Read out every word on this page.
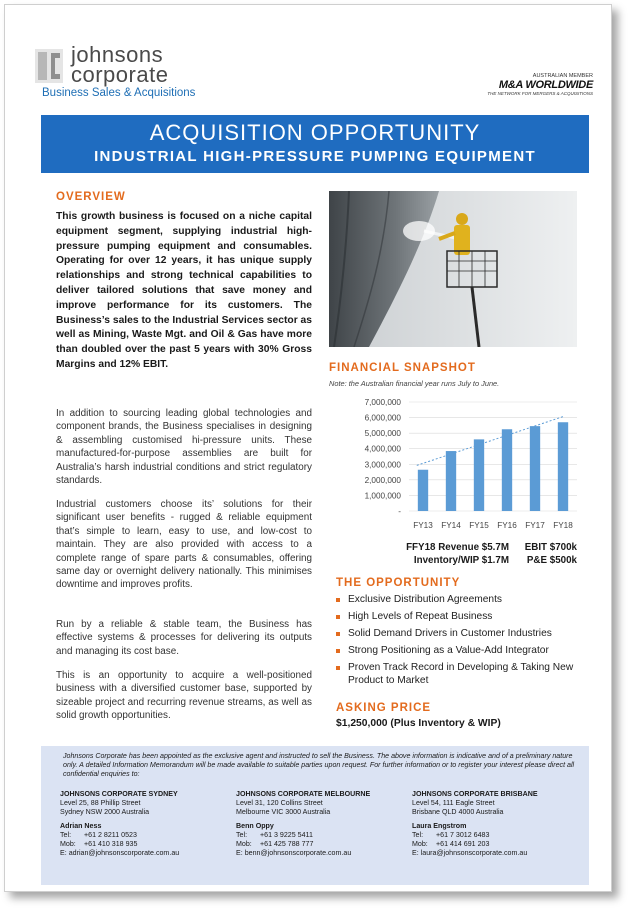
johnsons
corporate
Business Sales & Acquisitions
AUSTRALIAN MEMBER
M&A WORLDWIDE
THE NETWORK FOR MERGERS & ACQUISITIONS
ACQUISITION OPPORTUNITY
INDUSTRIAL HIGH-PRESSURE PUMPING EQUIPMENT
OVERVIEW
This growth business is focused on a niche capital equipment segment, supplying industrial high-pressure pumping equipment and consumables. Operating for over 12 years, it has unique supply relationships and strong technical capabilities to deliver tailored solutions that save money and improve performance for its customers. The Business’s sales to the Industrial Services sector as well as Mining, Waste Mgt. and Oil & Gas have more than doubled over the past 5 years with 30% Gross Margins and 12% EBIT.
In addition to sourcing leading global technologies and component brands, the Business specialises in designing & assembling customised hi-pressure units. These manufactured-for-purpose assemblies are built for Australia’s harsh industrial conditions and strict regulatory standards.
Industrial customers choose its’ solutions for their significant user benefits - rugged & reliable equipment that’s simple to learn, easy to use, and low-cost to maintain. They are also provided with access to a complete range of spare parts & consumables, offering same day or overnight delivery nationally. This minimises downtime and improves profits.
Run by a reliable & stable team, the Business has effective systems & processes for delivering its outputs and managing its cost base.
This is an opportunity to acquire a well-positioned business with a diversified customer base, supported by sizeable project and recurring revenue streams, as well as solid growth opportunities.
FINANCIAL SNAPSHOT
Note: the Australian financial year runs July to June.
-
1,000,000
2,000,000
3,000,000
4,000,000
5,000,000
6,000,000
7,000,000
FY13 FY14 FY15 FY16 FY17 FY18
FFY18 Revenue $5.7M	EBIT $700k
Inventory/WIP $1.7M	P&E $500k
THE OPPORTUNITY
Exclusive Distribution Agreements
High Levels of Repeat Business
Solid Demand Drivers in Customer Industries
Strong Positioning as a Value-Add Integrator
Proven Track Record in Developing & Taking New Product to Market
ASKING PRICE
$1,250,000 (Plus Inventory & WIP)
Johnsons Corporate has been appointed as the exclusive agent and instructed to sell the Business. The above information is indicative and of a preliminary nature only. A detailed Information Memorandum will be made available to suitable parties upon request. For further information or to register your interest please direct all confidential enquiries to:
JOHNSONS CORPORATE SYDNEY
Level 25, 88 Phillip Street
Sydney NSW 2000 Australia
Adrian Ness
Tel: +61 2 8211 0523
Mob: +61 410 318 935
E: adrian@johnsonscorporate.com.au
JOHNSONS CORPORATE MELBOURNE
Level 31, 120 Collins Street
Melbourne VIC 3000 Australia
Benn Oppy
Tel: +61 3 9225 5411
Mob: +61 425 788 777
E: benn@johnsonscorporate.com.au
JOHNSONS CORPORATE BRISBANE
Level 54, 111 Eagle Street
Brisbane QLD 4000 Australia
Laura Engstrom
Tel: +61 7 3012 6483
Mob: +61 414 691 203
E: laura@johnsonscorporate.com.au
